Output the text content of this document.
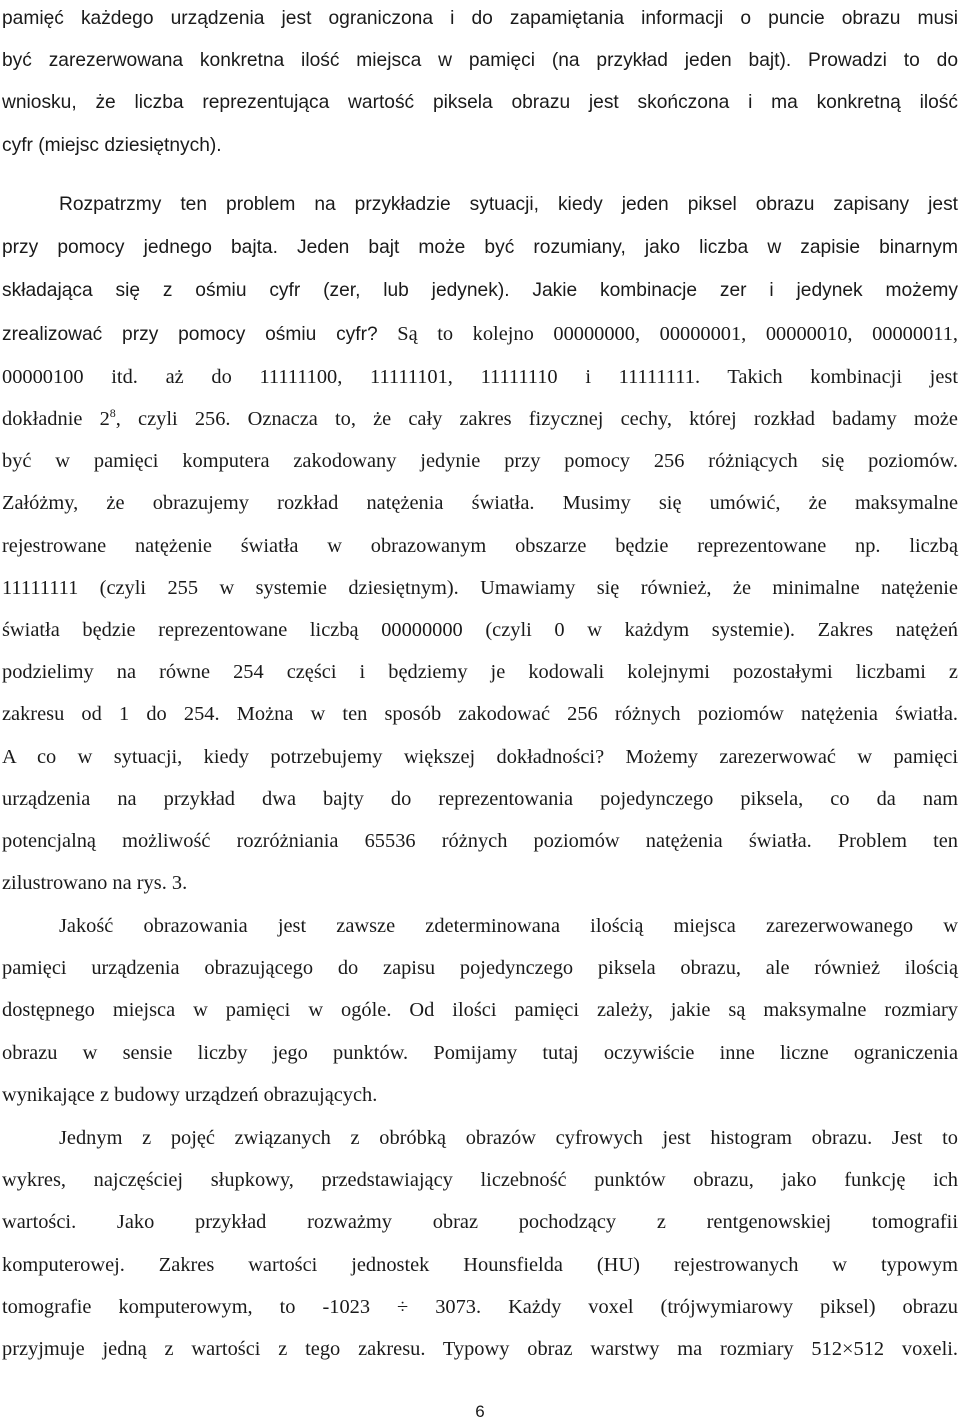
pamięć każdego urządzenia jest ograniczona i do zapamiętania informacji o puncie obrazu musi
być zarezerwowana konkretna ilość miejsca w pamięci (na przykład jeden bajt). Prowadzi to do
wniosku, że liczba reprezentująca wartość piksela obrazu jest skończona i ma konkretną ilość
cyfr (miejsc dziesiętnych).

Rozpatrzmy ten problem na przykładzie sytuacji, kiedy jeden piksel obrazu zapisany jest
przy pomocy jednego bajta. Jeden bajt może być rozumiany, jako liczba w zapisie binarnym
składająca się z ośmiu cyfr (zer, lub jedynek). Jakie kombinacje zer i jedynek możemy
zrealizować przy pomocy ośmiu cyfr? Są to kolejno 00000000, 00000001, 00000010, 00000011,
00000100 itd. aż do 11111100, 11111101, 11111110 i 11111111. Takich kombinacji jest
dokładnie $2^8$, czyli 256. Oznacza to, że cały zakres fizycznej cechy, której rozkład badamy może
być w pamięci komputera zakodowany jedynie przy pomocy 256 różniących się poziomów.
Załóżmy, że obrazujemy rozkład natężenia światła. Musimy się umówić, że maksymalne
rejestrowane natężenie światła w obrazowanym obszarze będzie reprezentowane np. liczbą
11111111 (czyli 255 w systemie dziesiętnym). Umawiamy się również, że minimalne natężenie
światła będzie reprezentowane liczbą 00000000 (czyli 0 w każdym systemie). Zakres natężeń
podzielimy na równe 254 części i będziemy je kodowali kolejnymi pozostałymi liczbami z
zakresu od 1 do 254. Można w ten sposób zakodować 256 różnych poziomów natężenia światła.
A co w sytuacji, kiedy potrzebujemy większej dokładności? Możemy zarezerwować w pamięci
urządzenia na przykład dwa bajty do reprezentowania pojedynczego piksela, co da nam
potencjalną możliwość rozróżniania 65536 różnych poziomów natężenia światła. Problem ten
zilustrowano na rys. 3.

Jakość obrazowania jest zawsze zdeterminowana ilością miejsca zarezerwowanego w
pamięci urządzenia obrazującego do zapisu pojedynczego piksela obrazu, ale również ilością
dostępnego miejsca w pamięci w ogóle. Od ilości pamięci zależy, jakie są maksymalne rozmiary
obrazu w sensie liczby jego punktów. Pomijamy tutaj oczywiście inne liczne ograniczenia
wynikające z budowy urządzeń obrazujących.

Jednym z pojęć związanych z obróbką obrazów cyfrowych jest histogram obrazu. Jest to
wykres, najczęściej słupkowy, przedstawiający liczebność punktów obrazu, jako funkcję ich
wartości. Jako przykład rozważmy obraz pochodzący z rentgenowskiej tomografii
komputerowej. Zakres wartości jednostek Hounsfielda (HU) rejestrowanych w typowym
tomografie komputerowym, to -1023 ÷ 3073. Każdy voxel (trójwymiarowy piksel) obrazu
przyjmuje jedną z wartości z tego zakresu. Typowy obraz warstwy ma rozmiary 512×512 voxeli.

6
